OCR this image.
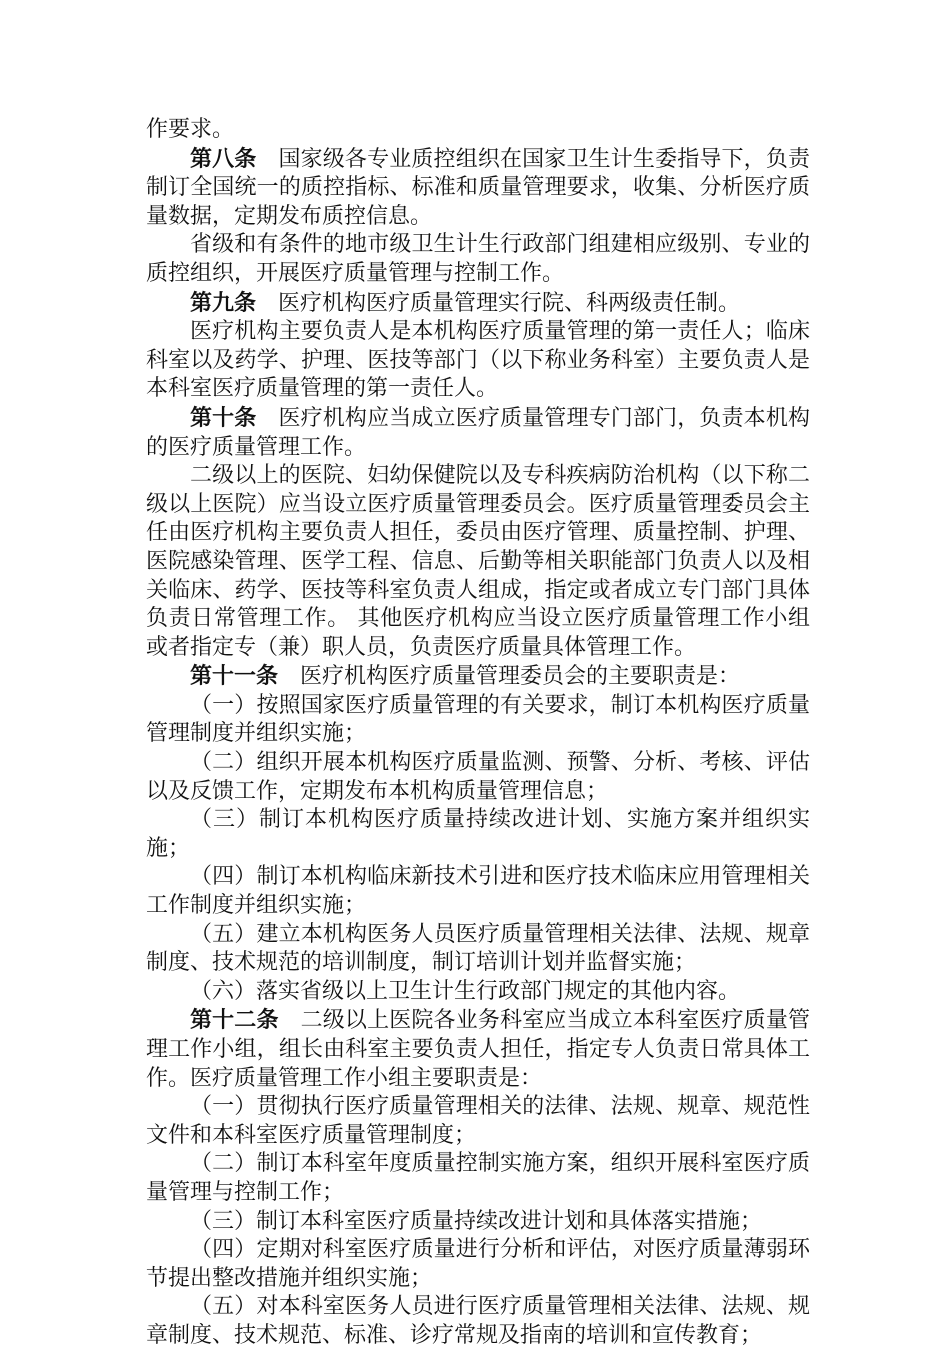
作要求。

第八条 国家级各专业质控组织在国家卫生计生委指导下，负责制订全国统一的质控指标、标准和质量管理要求，收集、分析医疗质量数据，定期发布质控信息。

省级和有条件的地市级卫生计生行政部门组建相应级别、专业的质控组织，开展医疗质量管理与控制工作。

第九条 医疗机构医疗质量管理实行院、科两级责任制。

医疗机构主要负责人是本机构医疗质量管理的第一责任人；临床科室以及药学、护理、医技等部门（以下称业务科室）主要负责人是本科室医疗质量管理的第一责任人。

第十条 医疗机构应当成立医疗质量管理专门部门，负责本机构的医疗质量管理工作。

二级以上的医院、妇幼保健院以及专科疾病防治机构（以下称二级以上医院）应当设立医疗质量管理委员会。医疗质量管理委员会主任由医疗机构主要负责人担任，委员由医疗管理、质量控制、护理、医院感染管理、医学工程、信息、后勤等相关职能部门负责人以及相关临床、药学、医技等科室负责人组成，指定或者成立专门部门具体负责日常管理工作。 其他医疗机构应当设立医疗质量管理工作小组或者指定专（兼）职人员，负责医疗质量具体管理工作。

第十一条 医疗机构医疗质量管理委员会的主要职责是：

（一）按照国家医疗质量管理的有关要求，制订本机构医疗质量管理制度并组织实施；

（二）组织开展本机构医疗质量监测、预警、分析、考核、评估以及反馈工作，定期发布本机构质量管理信息；

（三）制订本机构医疗质量持续改进计划、实施方案并组织实施；

（四）制订本机构临床新技术引进和医疗技术临床应用管理相关工作制度并组织实施；

（五）建立本机构医务人员医疗质量管理相关法律、法规、规章制度、技术规范的培训制度，制订培训计划并监督实施；

（六）落实省级以上卫生计生行政部门规定的其他内容。

第十二条 二级以上医院各业务科室应当成立本科室医疗质量管理工作小组，组长由科室主要负责人担任，指定专人负责日常具体工作。医疗质量管理工作小组主要职责是：

（一）贯彻执行医疗质量管理相关的法律、法规、规章、规范性文件和本科室医疗质量管理制度；

（二）制订本科室年度质量控制实施方案，组织开展科室医疗质量管理与控制工作；

（三）制订本科室医疗质量持续改进计划和具体落实措施；

（四）定期对科室医疗质量进行分析和评估，对医疗质量薄弱环节提出整改措施并组织实施；

（五）对本科室医务人员进行医疗质量管理相关法律、法规、规章制度、技术规范、标准、诊疗常规及指南的培训和宣传教育；
